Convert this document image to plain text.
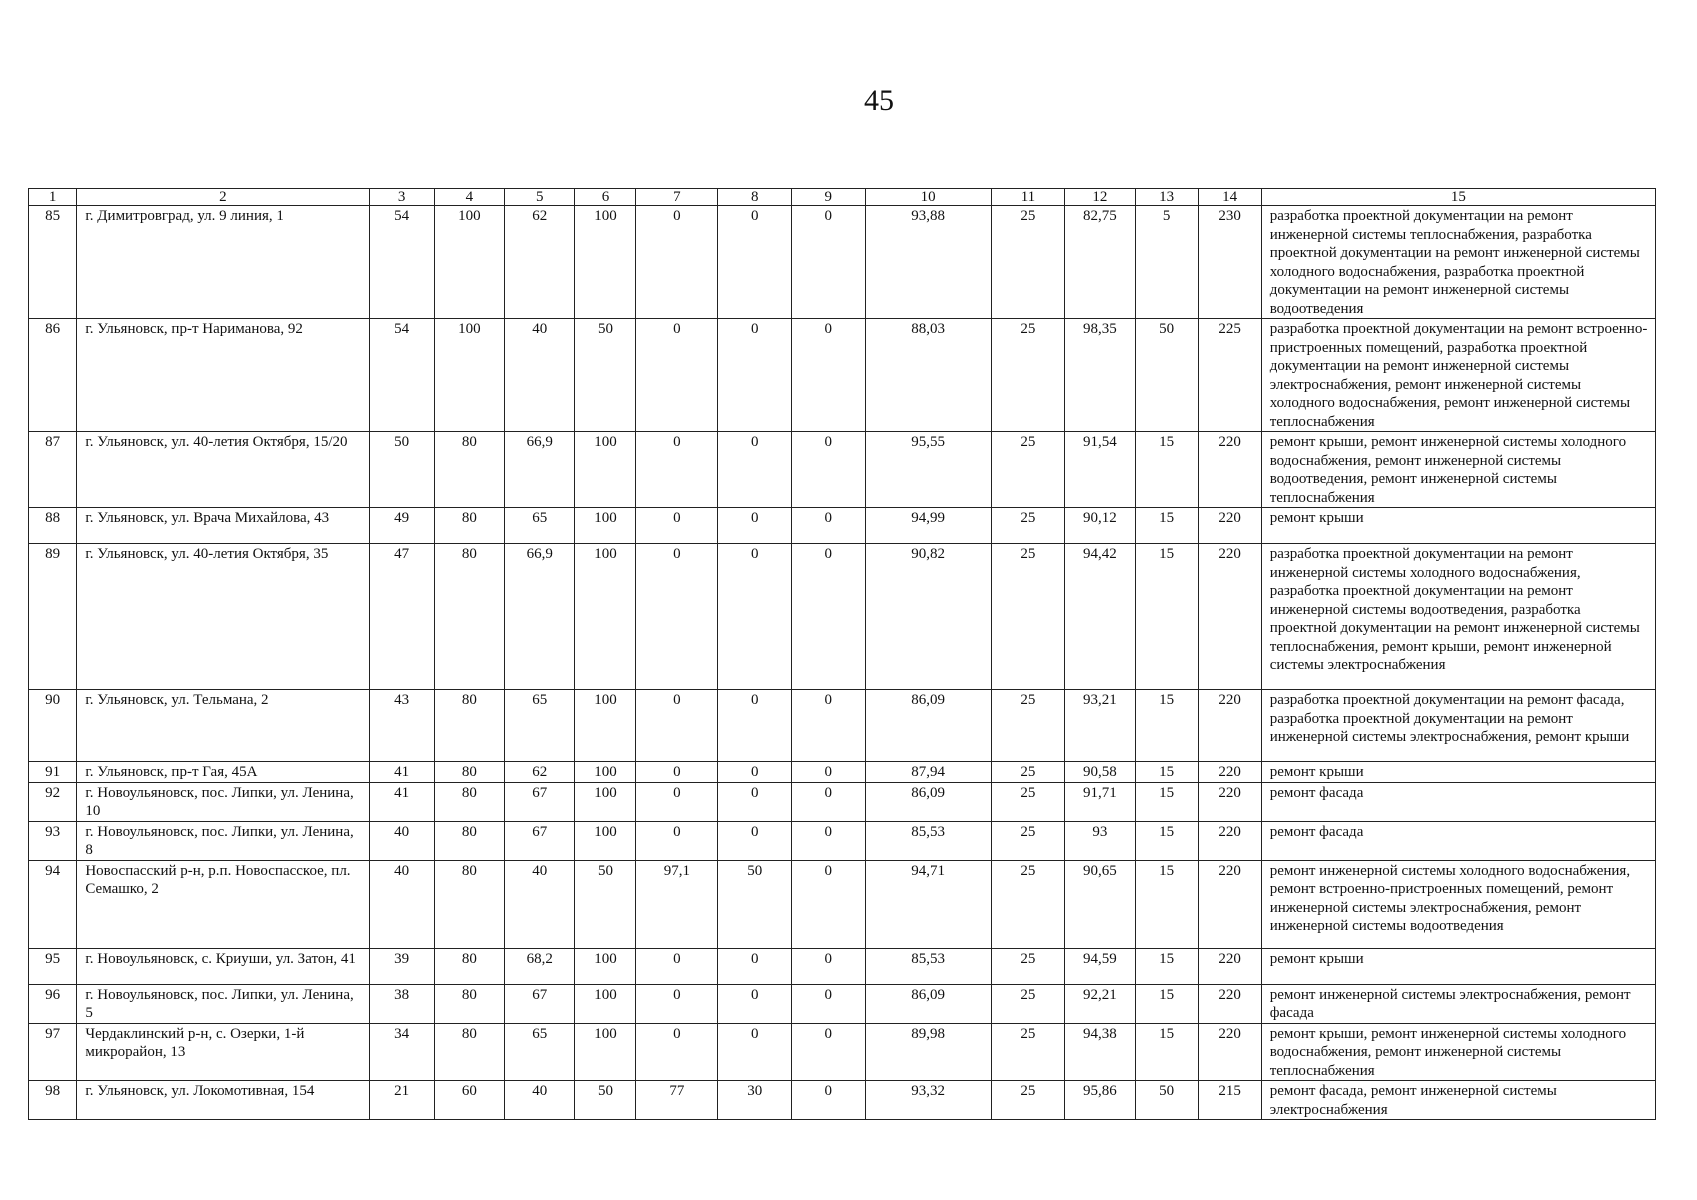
45
1	2	3	4	5	6	7	8	9	10	11	12	13	14	15
85	г. Димитровград, ул. 9 линия, 1	54	100	62	100	0	0	0	93,88	25	82,75	5	230	разработка проектной документации на ремонт инженерной системы теплоснабжения, разработка проектной документации на ремонт инженерной системы холодного водоснабжения, разработка проектной документации на ремонт инженерной системы водоотведения
86	г. Ульяновск, пр-т Нариманова, 92	54	100	40	50	0	0	0	88,03	25	98,35	50	225	разработка проектной документации на ремонт встроенно-пристроенных помещений, разработка проектной документации на ремонт инженерной системы электроснабжения, ремонт инженерной системы холодного водоснабжения, ремонт инженерной системы теплоснабжения
87	г. Ульяновск, ул. 40-летия Октября, 15/20	50	80	66,9	100	0	0	0	95,55	25	91,54	15	220	ремонт крыши, ремонт инженерной системы холодного водоснабжения, ремонт инженерной системы водоотведения, ремонт инженерной системы теплоснабжения
88	г. Ульяновск, ул. Врача Михайлова, 43	49	80	65	100	0	0	0	94,99	25	90,12	15	220	ремонт крыши
89	г. Ульяновск, ул. 40-летия Октября, 35	47	80	66,9	100	0	0	0	90,82	25	94,42	15	220	разработка проектной документации на ремонт инженерной системы холодного водоснабжения, разработка проектной документации на ремонт инженерной системы водоотведения, разработка проектной документации на ремонт инженерной системы теплоснабжения, ремонт крыши, ремонт инженерной системы электроснабжения
90	г. Ульяновск, ул. Тельмана, 2	43	80	65	100	0	0	0	86,09	25	93,21	15	220	разработка проектной документации на ремонт фасада, разработка проектной документации на ремонт инженерной системы электроснабжения, ремонт крыши
91	г. Ульяновск, пр-т Гая, 45А	41	80	62	100	0	0	0	87,94	25	90,58	15	220	ремонт крыши
92	г. Новоульяновск, пос. Липки, ул. Ленина, 10	41	80	67	100	0	0	0	86,09	25	91,71	15	220	ремонт фасада
93	г. Новоульяновск, пос. Липки, ул. Ленина, 8	40	80	67	100	0	0	0	85,53	25	93	15	220	ремонт фасада
94	Новоспасский р-н, р.п. Новоспасское, пл. Семашко, 2	40	80	40	50	97,1	50	0	94,71	25	90,65	15	220	ремонт инженерной системы холодного водоснабжения, ремонт встроенно-пристроенных помещений, ремонт инженерной системы электроснабжения, ремонт инженерной системы водоотведения
95	г. Новоульяновск, с. Криуши, ул. Затон, 41	39	80	68,2	100	0	0	0	85,53	25	94,59	15	220	ремонт крыши
96	г. Новоульяновск, пос. Липки, ул. Ленина, 5	38	80	67	100	0	0	0	86,09	25	92,21	15	220	ремонт инженерной системы электроснабжения, ремонт фасада
97	Чердаклинский р-н, с. Озерки, 1-й микрорайон, 13	34	80	65	100	0	0	0	89,98	25	94,38	15	220	ремонт крыши, ремонт инженерной системы холодного водоснабжения, ремонт инженерной системы теплоснабжения
98	г. Ульяновск, ул. Локомотивная, 154	21	60	40	50	77	30	0	93,32	25	95,86	50	215	ремонт фасада, ремонт инженерной системы электроснабжения
